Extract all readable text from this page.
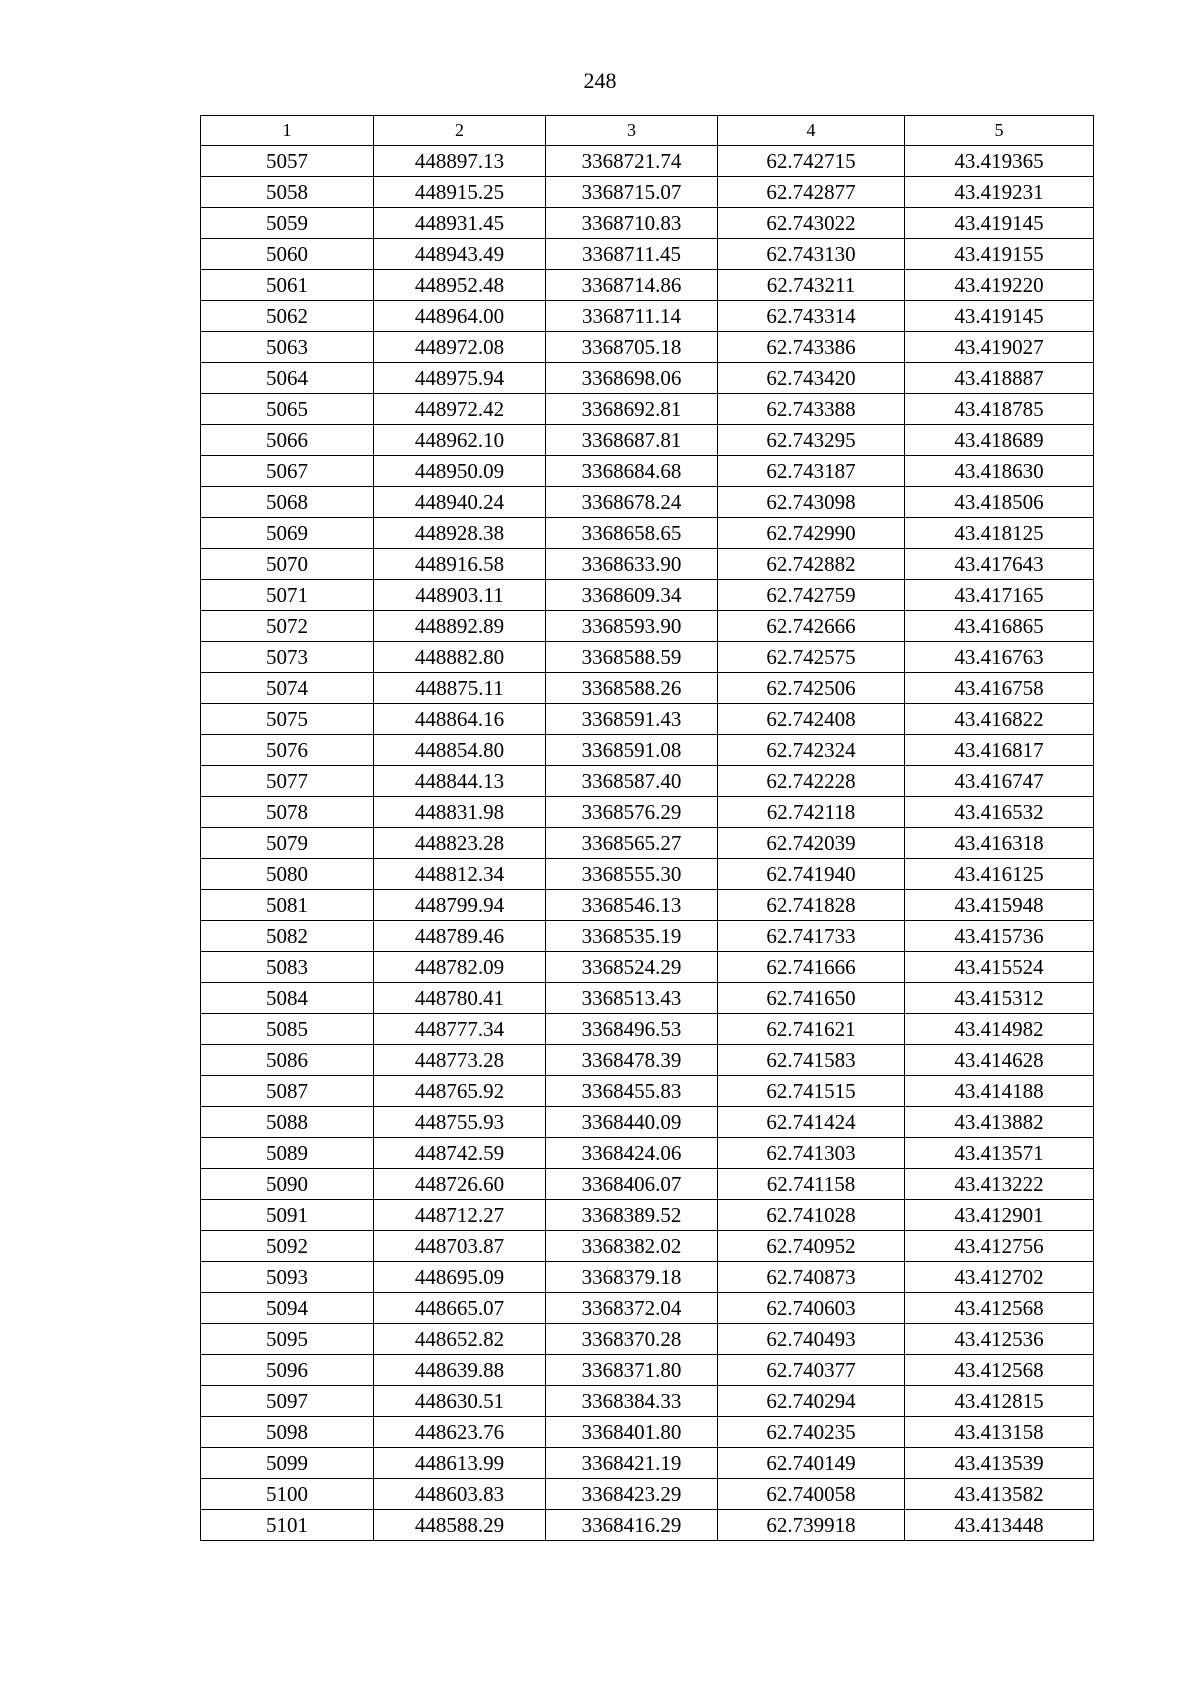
248
1	2	3	4	5
5057	448897.13	3368721.74	62.742715	43.419365
5058	448915.25	3368715.07	62.742877	43.419231
5059	448931.45	3368710.83	62.743022	43.419145
5060	448943.49	3368711.45	62.743130	43.419155
5061	448952.48	3368714.86	62.743211	43.419220
5062	448964.00	3368711.14	62.743314	43.419145
5063	448972.08	3368705.18	62.743386	43.419027
5064	448975.94	3368698.06	62.743420	43.418887
5065	448972.42	3368692.81	62.743388	43.418785
5066	448962.10	3368687.81	62.743295	43.418689
5067	448950.09	3368684.68	62.743187	43.418630
5068	448940.24	3368678.24	62.743098	43.418506
5069	448928.38	3368658.65	62.742990	43.418125
5070	448916.58	3368633.90	62.742882	43.417643
5071	448903.11	3368609.34	62.742759	43.417165
5072	448892.89	3368593.90	62.742666	43.416865
5073	448882.80	3368588.59	62.742575	43.416763
5074	448875.11	3368588.26	62.742506	43.416758
5075	448864.16	3368591.43	62.742408	43.416822
5076	448854.80	3368591.08	62.742324	43.416817
5077	448844.13	3368587.40	62.742228	43.416747
5078	448831.98	3368576.29	62.742118	43.416532
5079	448823.28	3368565.27	62.742039	43.416318
5080	448812.34	3368555.30	62.741940	43.416125
5081	448799.94	3368546.13	62.741828	43.415948
5082	448789.46	3368535.19	62.741733	43.415736
5083	448782.09	3368524.29	62.741666	43.415524
5084	448780.41	3368513.43	62.741650	43.415312
5085	448777.34	3368496.53	62.741621	43.414982
5086	448773.28	3368478.39	62.741583	43.414628
5087	448765.92	3368455.83	62.741515	43.414188
5088	448755.93	3368440.09	62.741424	43.413882
5089	448742.59	3368424.06	62.741303	43.413571
5090	448726.60	3368406.07	62.741158	43.413222
5091	448712.27	3368389.52	62.741028	43.412901
5092	448703.87	3368382.02	62.740952	43.412756
5093	448695.09	3368379.18	62.740873	43.412702
5094	448665.07	3368372.04	62.740603	43.412568
5095	448652.82	3368370.28	62.740493	43.412536
5096	448639.88	3368371.80	62.740377	43.412568
5097	448630.51	3368384.33	62.740294	43.412815
5098	448623.76	3368401.80	62.740235	43.413158
5099	448613.99	3368421.19	62.740149	43.413539
5100	448603.83	3368423.29	62.740058	43.413582
5101	448588.29	3368416.29	62.739918	43.413448
